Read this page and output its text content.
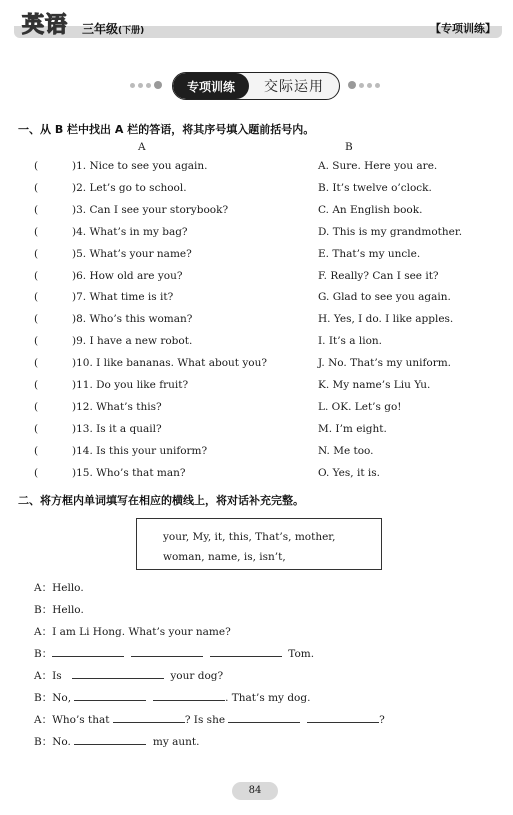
英语 三年级(下册)	【专项训练】
专项训练	交际运用
一、从 B 栏中找出 A 栏的答语，将其序号填入题前括号内。
A	B
(	)1. Nice to see you again.	A. Sure. Here you are.
(	)2. Let’s go to school.	B. It’s twelve o’clock.
(	)3. Can I see your storybook?	C. An English book.
(	)4. What’s in my bag?	D. This is my grandmother.
(	)5. What’s your name?	E. That’s my uncle.
(	)6. How old are you?	F. Really? Can I see it?
(	)7. What time is it?	G. Glad to see you again.
(	)8. Who’s this woman?	H. Yes, I do. I like apples.
(	)9. I have a new robot.	I. It’s a lion.
(	)10. I like bananas. What about you?	J. No. That’s my uniform.
(	)11. Do you like fruit?	K. My name’s Liu Yu.
(	)12. What’s this?	L. OK. Let’s go!
(	)13. Is it a quail?	M. I’m eight.
(	)14. Is this your uniform?	N. Me too.
(	)15. Who’s that man?	O. Yes, it is.
二、将方框内单词填写在相应的横线上，将对话补充完整。
your, My, it, this, That’s, mother,
woman, name, is, isn’t,
A：Hello.
B：Hello.
A：I am Li Hong. What’s your name?
B：	Tom.
A：Is	your dog?
B：No,	. That’s my dog.
A：Who’s that	? Is she	?
B：No.	my aunt.
84
